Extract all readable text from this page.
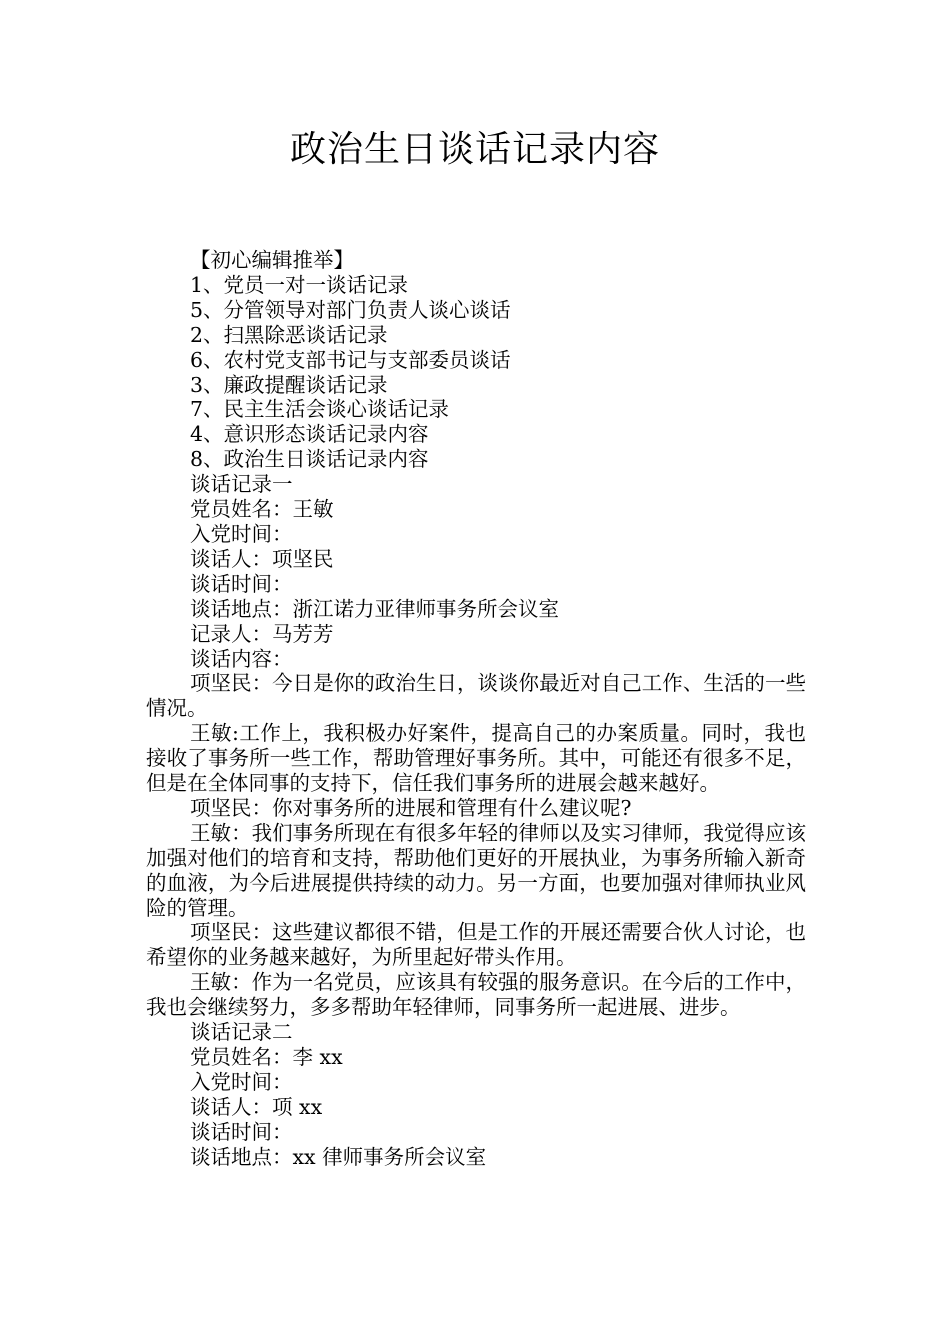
政治生日谈话记录内容

【初心编辑推举】

1、党员一对一谈话记录

5、分管领导对部门负责人谈心谈话

2、扫黑除恶谈话记录

6、农村党支部书记与支部委员谈话

3、廉政提醒谈话记录

7、民主生活会谈心谈话记录

4、意识形态谈话记录内容

8、政治生日谈话记录内容

谈话记录一

党员姓名：王敏

入党时间：

谈话人：项坚民

谈话时间：

谈话地点：浙江诺力亚律师事务所会议室

记录人：马芳芳

谈话内容：

项坚民：今日是你的政治生日，谈谈你最近对自己工作、生活的一些情况。

王敏:工作上，我积极办好案件，提高自己的办案质量。同时，我也接收了事务所一些工作，帮助管理好事务所。其中，可能还有很多不足，但是在全体同事的支持下，信任我们事务所的进展会越来越好。

项坚民：你对事务所的进展和管理有什么建议呢?

王敏：我们事务所现在有很多年轻的律师以及实习律师，我觉得应该加强对他们的培育和支持，帮助他们更好的开展执业，为事务所输入新奇的血液，为今后进展提供持续的动力。另一方面，也要加强对律师执业风险的管理。

项坚民：这些建议都很不错，但是工作的开展还需要合伙人讨论，也希望你的业务越来越好，为所里起好带头作用。

王敏：作为一名党员，应该具有较强的服务意识。在今后的工作中，我也会继续努力，多多帮助年轻律师，同事务所一起进展、进步。

谈话记录二

党员姓名：李 xx

入党时间：

谈话人：项 xx

谈话时间：

谈话地点：xx 律师事务所会议室
